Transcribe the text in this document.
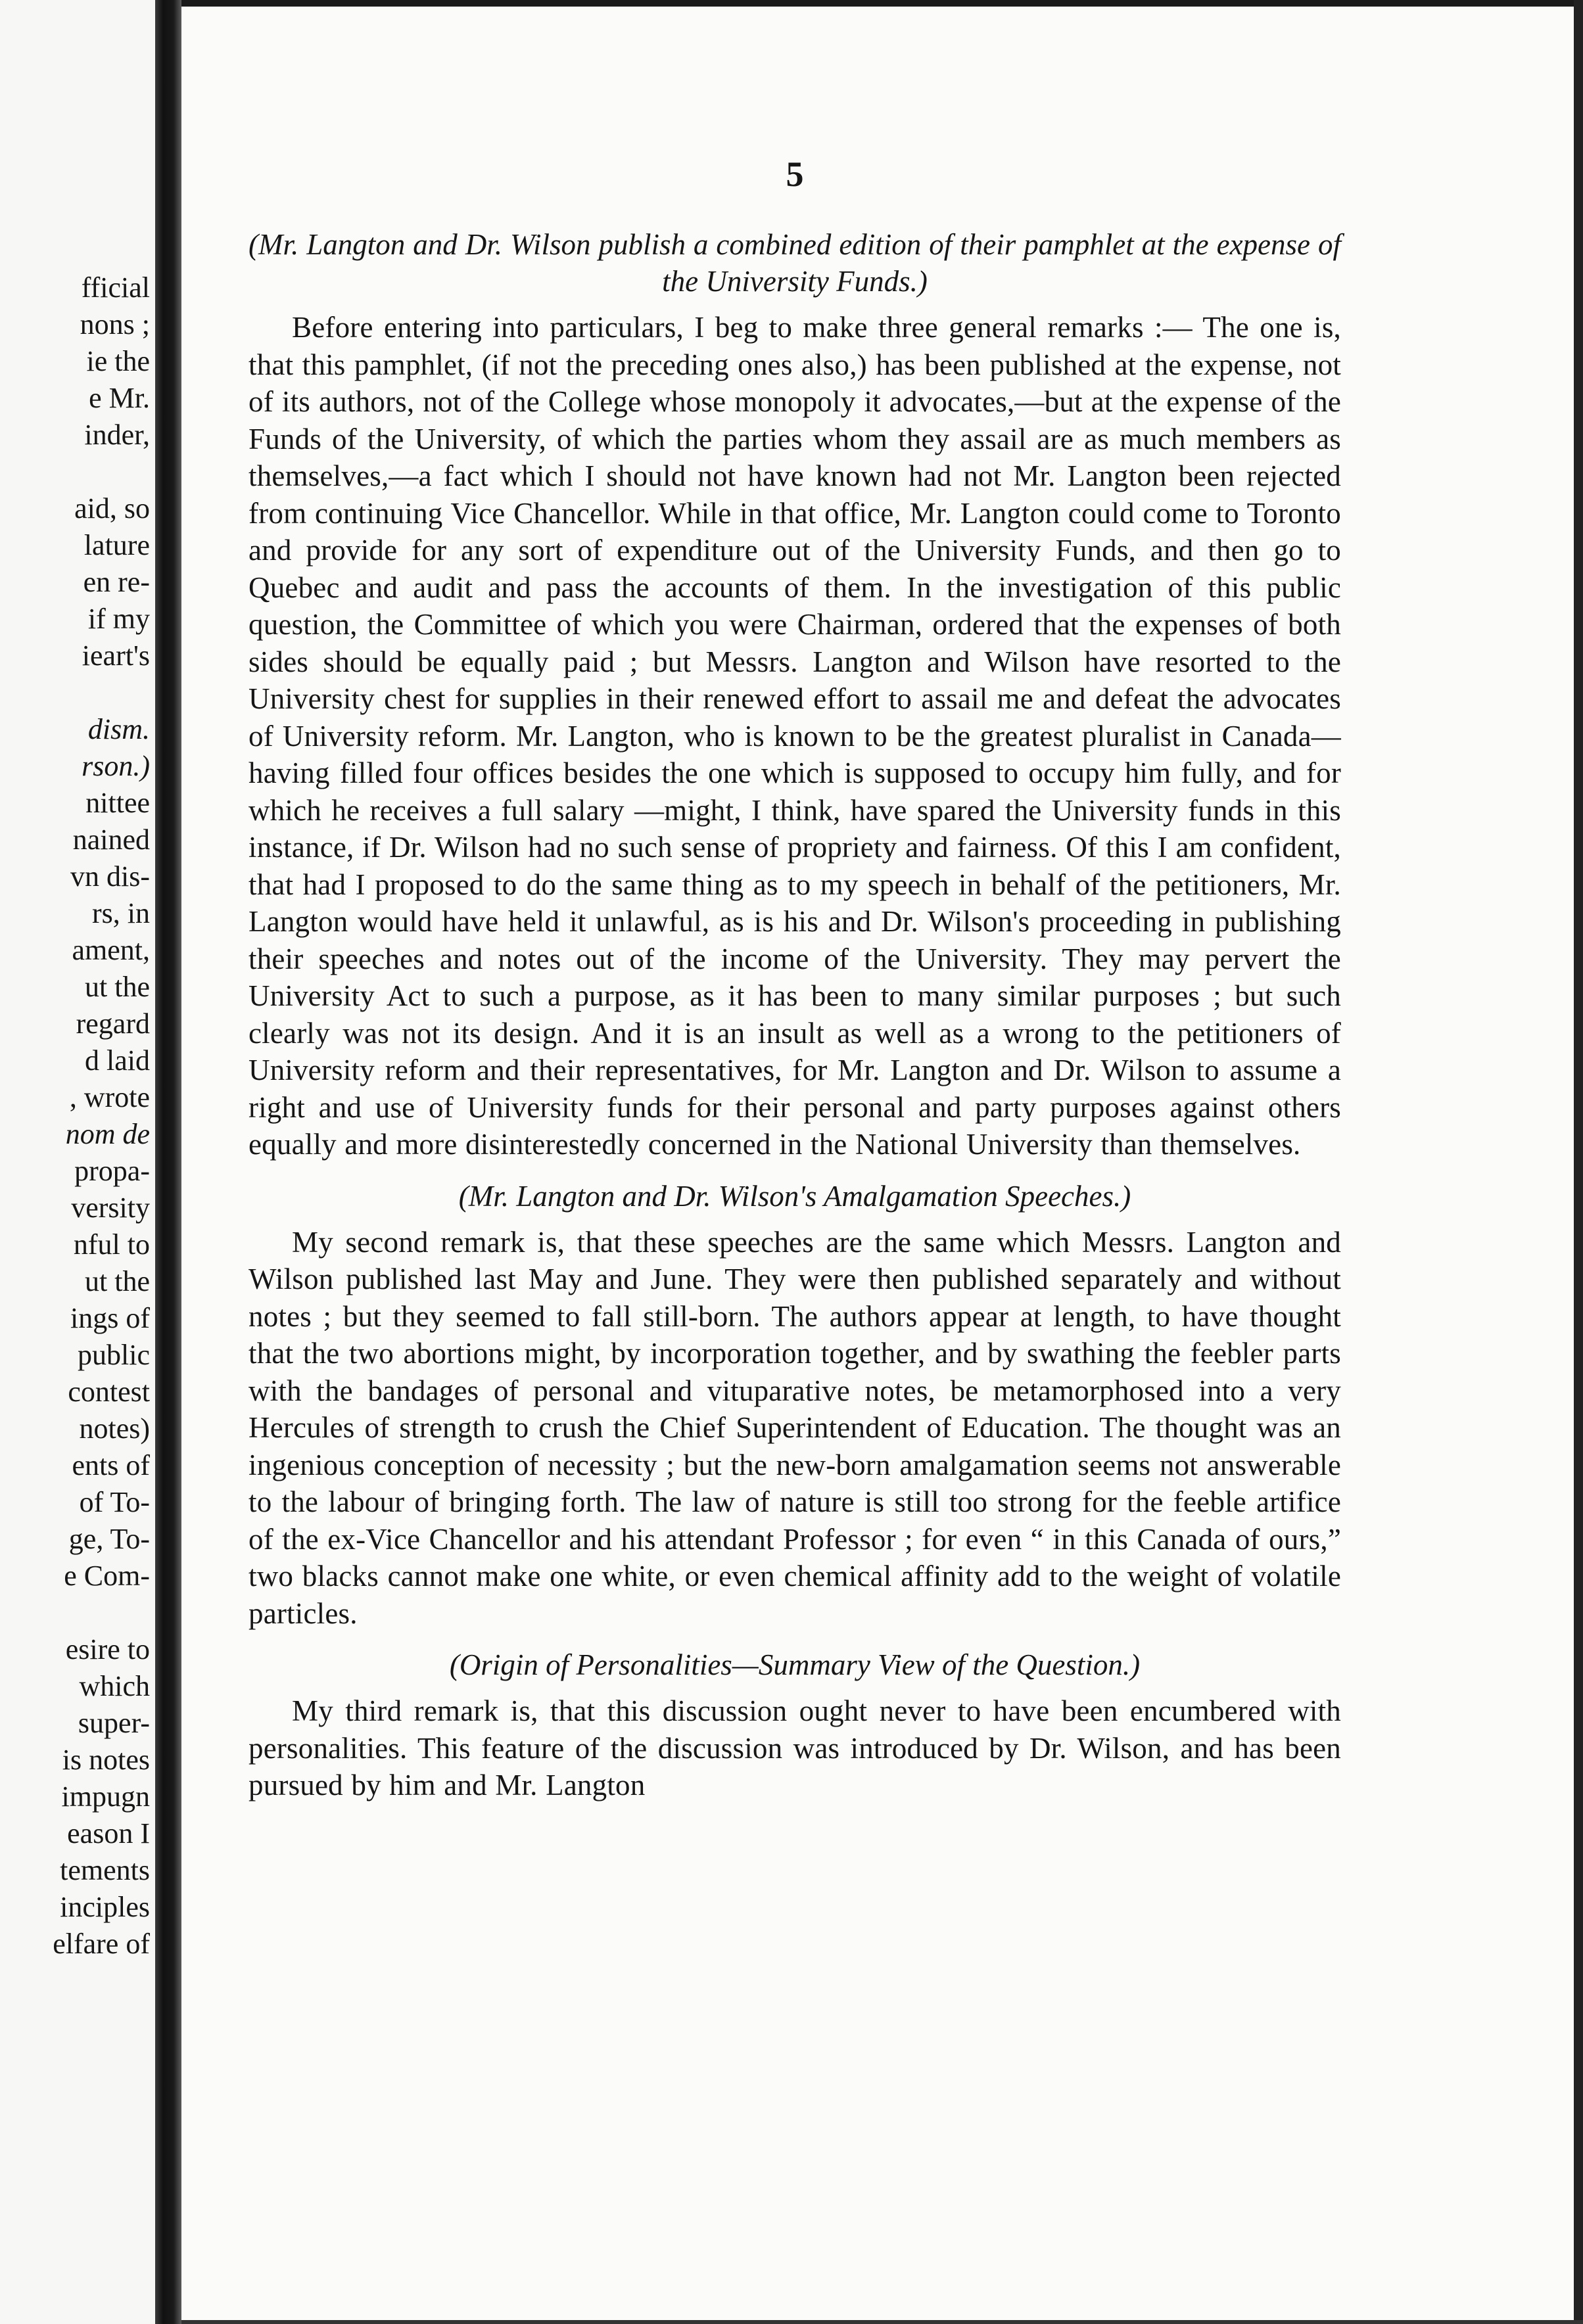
fficial
nons ;
ie the
e Mr.
inder,
aid, so
lature
en re-
if my
ieart's
dism.
rson.)
nittee
nained
vn dis-
rs, in
ament,
ut the
regard
d laid
, wrote
nom de
propa-
versity
nful to
ut the
ings of
public
contest
notes)
ents of
of To-
ge, To-
e Com-
esire to
which
super-
is notes
impugn
eason I
tements
inciples
elfare of
5
(Mr. Langton and Dr. Wilson publish a combined edition of their pamphlet at the expense of the University Funds.)

Before entering into particulars, I beg to make three general remarks :— The one is, that this pamphlet, (if not the preceding ones also,) has been published at the expense, not of its authors, not of the College whose monopoly it advocates,—but at the expense of the Funds of the University, of which the parties whom they assail are as much members as themselves,—a fact which I should not have known had not Mr. Langton been rejected from continuing Vice Chancellor. While in that office, Mr. Langton could come to Toronto and provide for any sort of expenditure out of the University Funds, and then go to Quebec and audit and pass the accounts of them. In the investigation of this public question, the Committee of which you were Chairman, ordered that the expenses of both sides should be equally paid ; but Messrs. Langton and Wilson have resorted to the University chest for supplies in their renewed effort to assail me and defeat the advocates of University reform. Mr. Langton, who is known to be the greatest pluralist in Canada—having filled four offices besides the one which is supposed to occupy him fully, and for which he receives a full salary —might, I think, have spared the University funds in this instance, if Dr. Wilson had no such sense of propriety and fairness. Of this I am confident, that had I proposed to do the same thing as to my speech in behalf of the petitioners, Mr. Langton would have held it unlawful, as is his and Dr. Wilson's proceeding in publishing their speeches and notes out of the income of the University. They may pervert the University Act to such a purpose, as it has been to many similar purposes ; but such clearly was not its design. And it is an insult as well as a wrong to the petitioners of University reform and their representatives, for Mr. Langton and Dr. Wilson to assume a right and use of University funds for their personal and party purposes against others equally and more disinterestedly concerned in the National University than themselves.

(Mr. Langton and Dr. Wilson's Amalgamation Speeches.)

My second remark is, that these speeches are the same which Messrs. Langton and Wilson published last May and June. They were then published separately and without notes ; but they seemed to fall still-born. The authors appear at length, to have thought that the two abortions might, by incorporation together, and by swathing the feebler parts with the bandages of personal and vituparative notes, be metamorphosed into a very Hercules of strength to crush the Chief Superintendent of Education. The thought was an ingenious conception of necessity ; but the new-born amalgamation seems not answerable to the labour of bringing forth. The law of nature is still too strong for the feeble artifice of the ex-Vice Chancellor and his attendant Professor ; for even “ in this Canada of ours,” two blacks cannot make one white, or even chemical affinity add to the weight of volatile particles.

(Origin of Personalities—Summary View of the Question.)

My third remark is, that this discussion ought never to have been encumbered with personalities. This feature of the discussion was introduced by Dr. Wilson, and has been pursued by him and Mr. Langton
